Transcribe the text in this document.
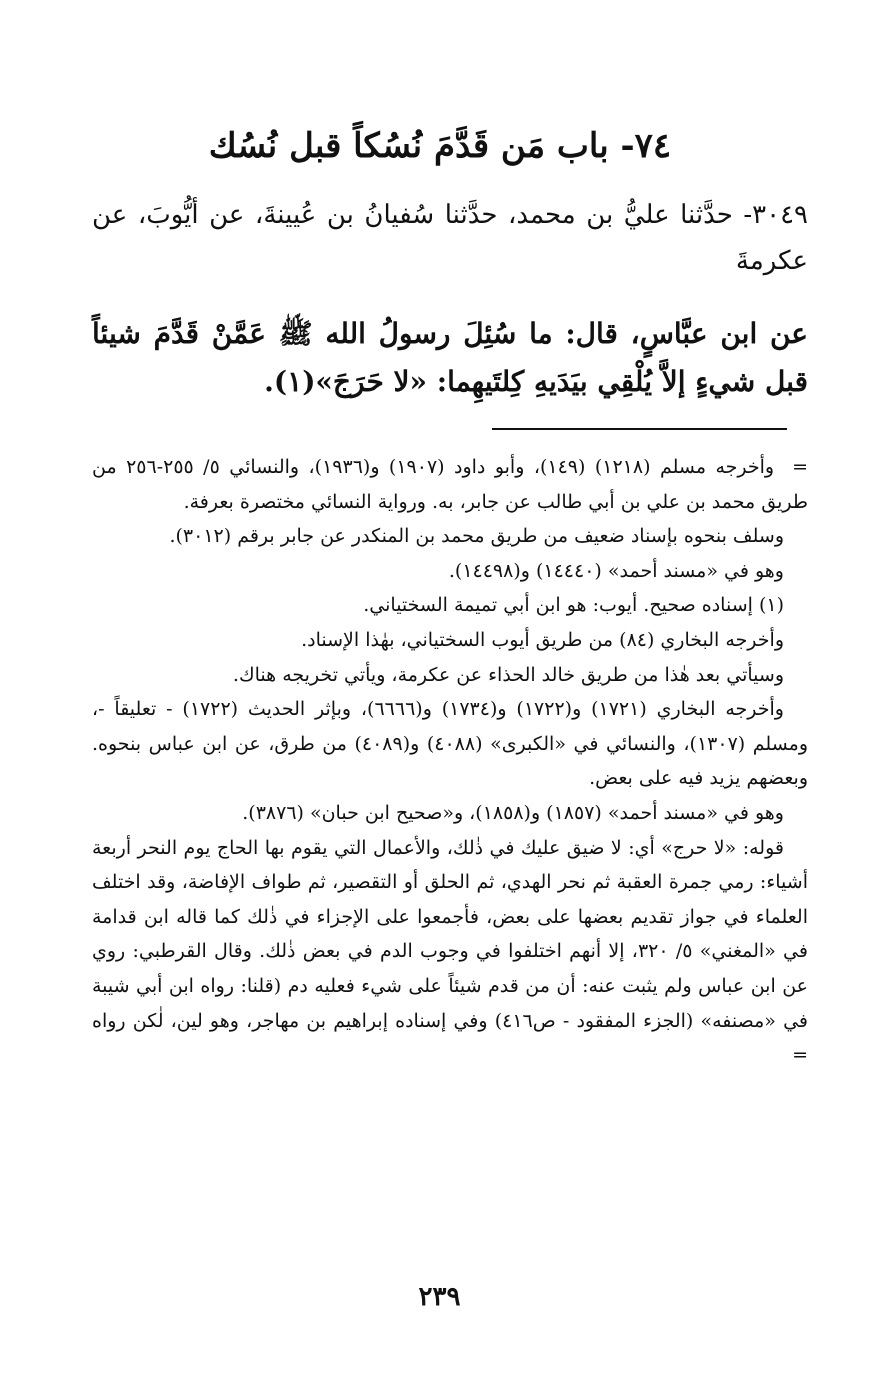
٧٤- باب مَن قَدَّمَ نُسُكاً قبل نُسُك
٣٠٤٩- حدَّثنا عليُّ بن محمد، حدَّثنا سُفيانُ بن عُيينةَ، عن أيُّوبَ، عن عكرمةَ
عن ابن عبَّاسٍ، قال: ما سُئِلَ رسولُ الله ﷺ عَمَّنْ قَدَّمَ شيئاً قبل شيءٍ إلاَّ يُلْقِي بيَدَيهِ كِلتَيهِما: «لا حَرَجَ»(١).

=وأخرجه مسلم (١٢١٨) (١٤٩)، وأبو داود (١٩٠٧) و(١٩٣٦)، والنسائي ٥/ ٢٥٥-٢٥٦ من طريق محمد بن علي بن أبي طالب عن جابر، به. ورواية النسائي مختصرة بعرفة.

وسلف بنحوه بإسناد ضعيف من طريق محمد بن المنكدر عن جابر برقم (٣٠١٢).

وهو في «مسند أحمد» (١٤٤٤٠) و(١٤٤٩٨).

(١) إسناده صحيح. أيوب: هو ابن أبي تميمة السختياني.

وأخرجه البخاري (٨٤) من طريق أيوب السختياني، بهٰذا الإسناد.

وسيأتي بعد هٰذا من طريق خالد الحذاء عن عكرمة، ويأتي تخريجه هناك.

وأخرجه البخاري (١٧٢١) و(١٧٢٢) و(١٧٣٤) و(٦٦٦٦)، وبإثر الحديث (١٧٢٢) - تعليقاً -، ومسلم (١٣٠٧)، والنسائي في «الكبرى» (٤٠٨٨) و(٤٠٨٩) من طرق، عن ابن عباس بنحوه. وبعضهم يزيد فيه على بعض.

وهو في «مسند أحمد» (١٨٥٧) و(١٨٥٨)، و«صحيح ابن حبان» (٣٨٧٦).

قوله: «لا حرج» أي: لا ضيق عليك في ذٰلك، والأعمال التي يقوم بها الحاج يوم النحر أربعة أشياء: رمي جمرة العقبة ثم نحر الهدي، ثم الحلق أو التقصير، ثم طواف الإفاضة، وقد اختلف العلماء في جواز تقديم بعضها على بعض، فأجمعوا على الإجزاء في ذٰلك كما قاله ابن قدامة في «المغني» ٥/ ٣٢٠، إلا أنهم اختلفوا في وجوب الدم في بعض ذٰلك. وقال القرطبي: روي عن ابن عباس ولم يثبت عنه: أن من قدم شيئاً على شيء فعليه دم (قلنا: رواه ابن أبي شيبة في «مصنفه» (الجزء المفقود - ص٤١٦) وفي إسناده إبراهيم بن مهاجر، وهو لين، لٰكن رواه =

٢٣٩
